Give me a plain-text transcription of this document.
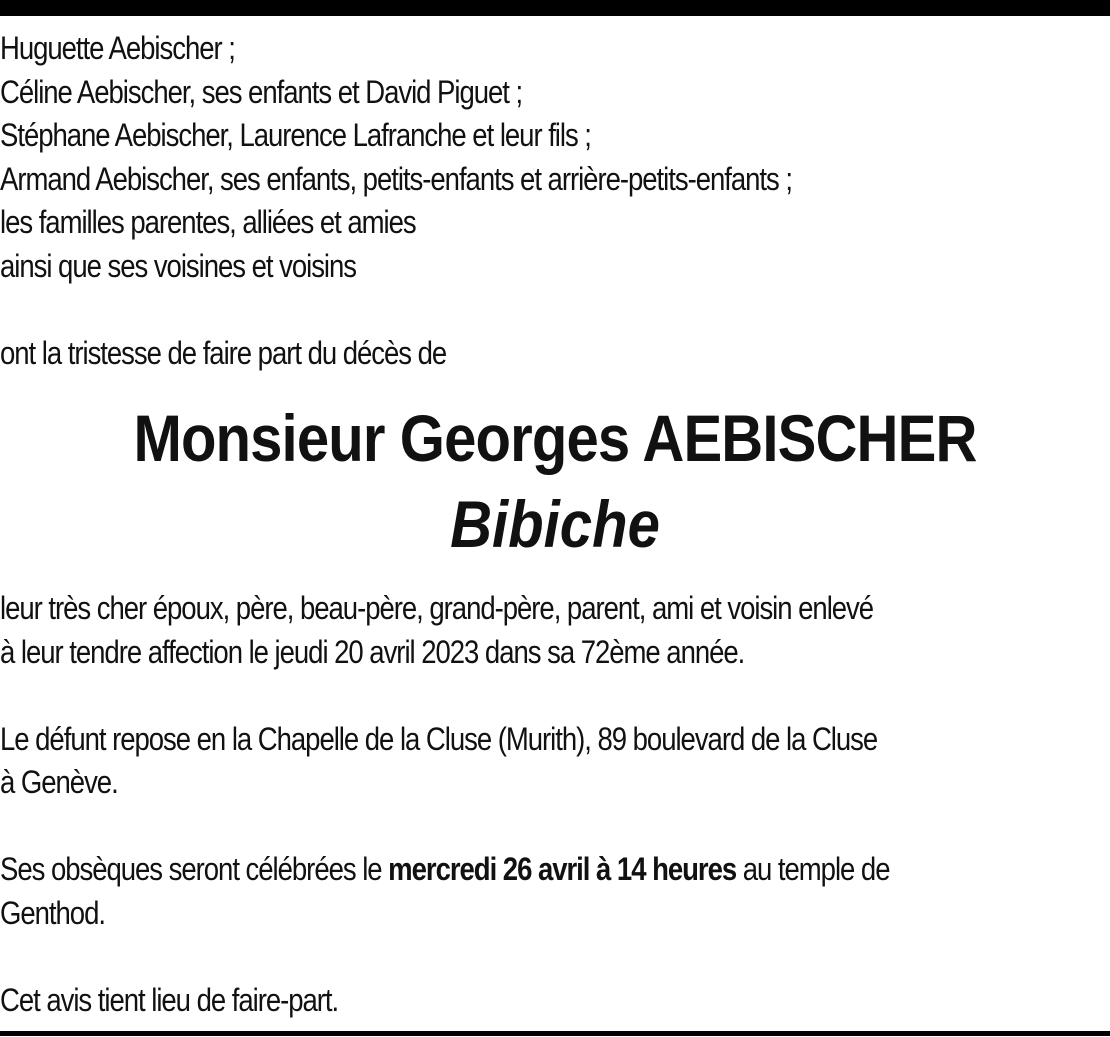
Huguette Aebischer ;

Céline Aebischer, ses enfants et David Piguet ;

Stéphane Aebischer, Laurence Lafranche et leur fils ;

Armand Aebischer, ses enfants, petits-enfants et arrière-petits-enfants ;

les familles parentes, alliées et amies

ainsi que ses voisines et voisins

ont la tristesse de faire part du décès de

Monsieur Georges AEBISCHER

Bibiche

leur très cher époux, père, beau-père, grand-père, parent, ami et voisin enlevé

à leur tendre affection le jeudi 20 avril 2023 dans sa 72ème année.

Le défunt repose en la Chapelle de la Cluse (Murith), 89 boulevard de la Cluse

à Genève.

Ses obsèques seront célébrées le mercredi 26 avril à 14 heures au temple de

Genthod.

Cet avis tient lieu de faire-part.
